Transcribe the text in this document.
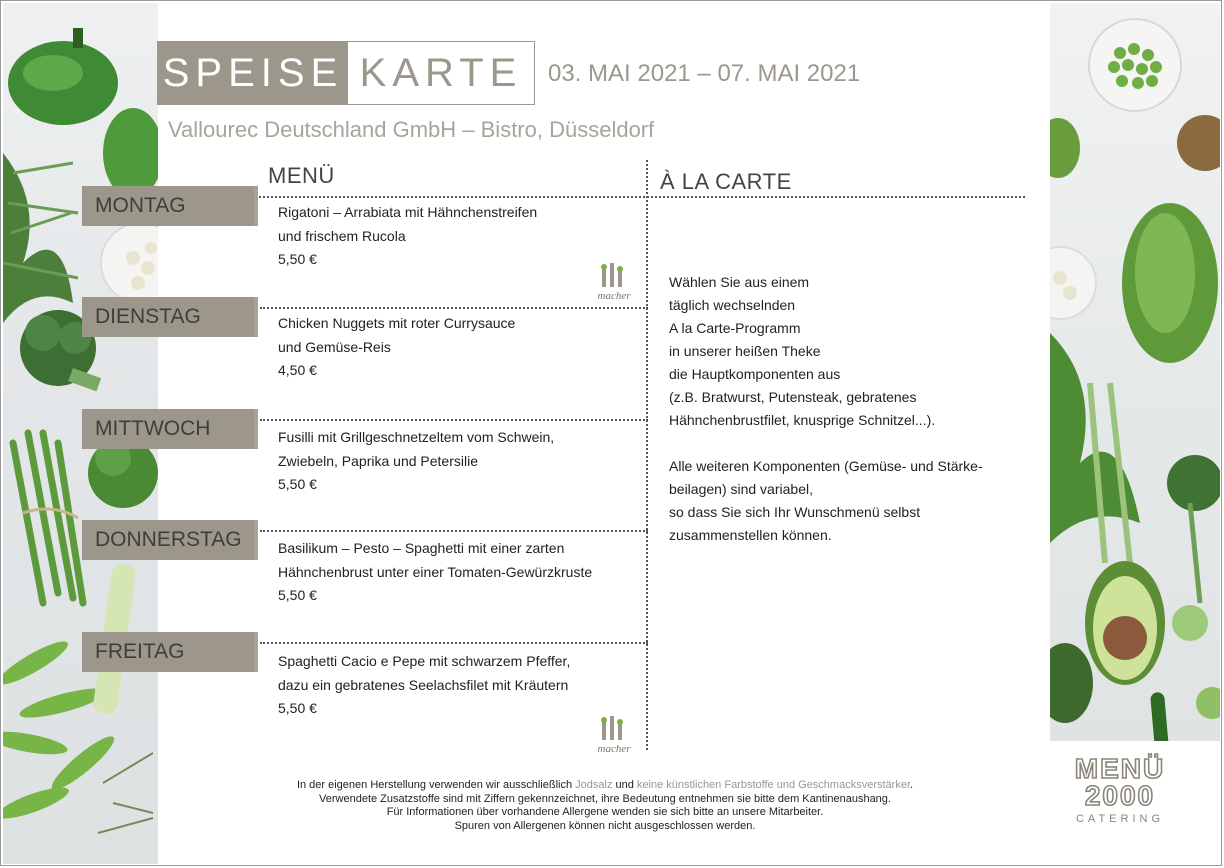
SPEISE KARTE	03. MAI 2021 – 07. MAI 2021
Vallourec Deutschland GmbH – Bistro, Düsseldorf
MENÜ	À LA CARTE
MONTAG
DIENSTAG
MITTWOCH
DONNERSTAG
FREITAG
Rigatoni – Arrabiata mit Hähnchenstreifen
und frischem Rucola

5,50 €
Chicken Nuggets mit roter Currysauce
und Gemüse-Reis

4,50 €
Fusilli mit Grillgeschnetzeltem vom Schwein,
Zwiebeln, Paprika und Petersilie

5,50 €
Basilikum – Pesto – Spaghetti mit einer zarten
Hähnchenbrust unter einer Tomaten-Gewürzkruste

5,50 €
Spaghetti Cacio e Pepe mit schwarzem Pfeffer,
dazu ein gebratenes Seelachsfilet mit Kräutern

5,50 €
macher
macher

Wählen Sie aus einem

täglich wechselnden

A la Carte-Programm

in unserer heißen Theke

die Hauptkomponenten aus

(z.B. Bratwurst, Putensteak, gebratenes

Hähnchenbrustfilet, knusprige Schnitzel...).

Alle weiteren Komponenten (Gemüse- und Stärke-

beilagen) sind variabel,

so dass Sie sich Ihr Wunschmenü selbst

zusammenstellen können.

In der eigenen Herstellung verwenden wir ausschließlich Jodsalz und keine künstlichen Farbstoffe und Geschmacksverstärker.
Verwendete Zusatzstoffe sind mit Ziffern gekennzeichnet, ihre Bedeutung entnehmen sie bitte dem Kantinenaushang.
Für Informationen über vorhandene Allergene wenden sie sich bitte an unsere Mitarbeiter.
Spuren von Allergenen können nicht ausgeschlossen werden.
MENÜ
2000
CATERING
